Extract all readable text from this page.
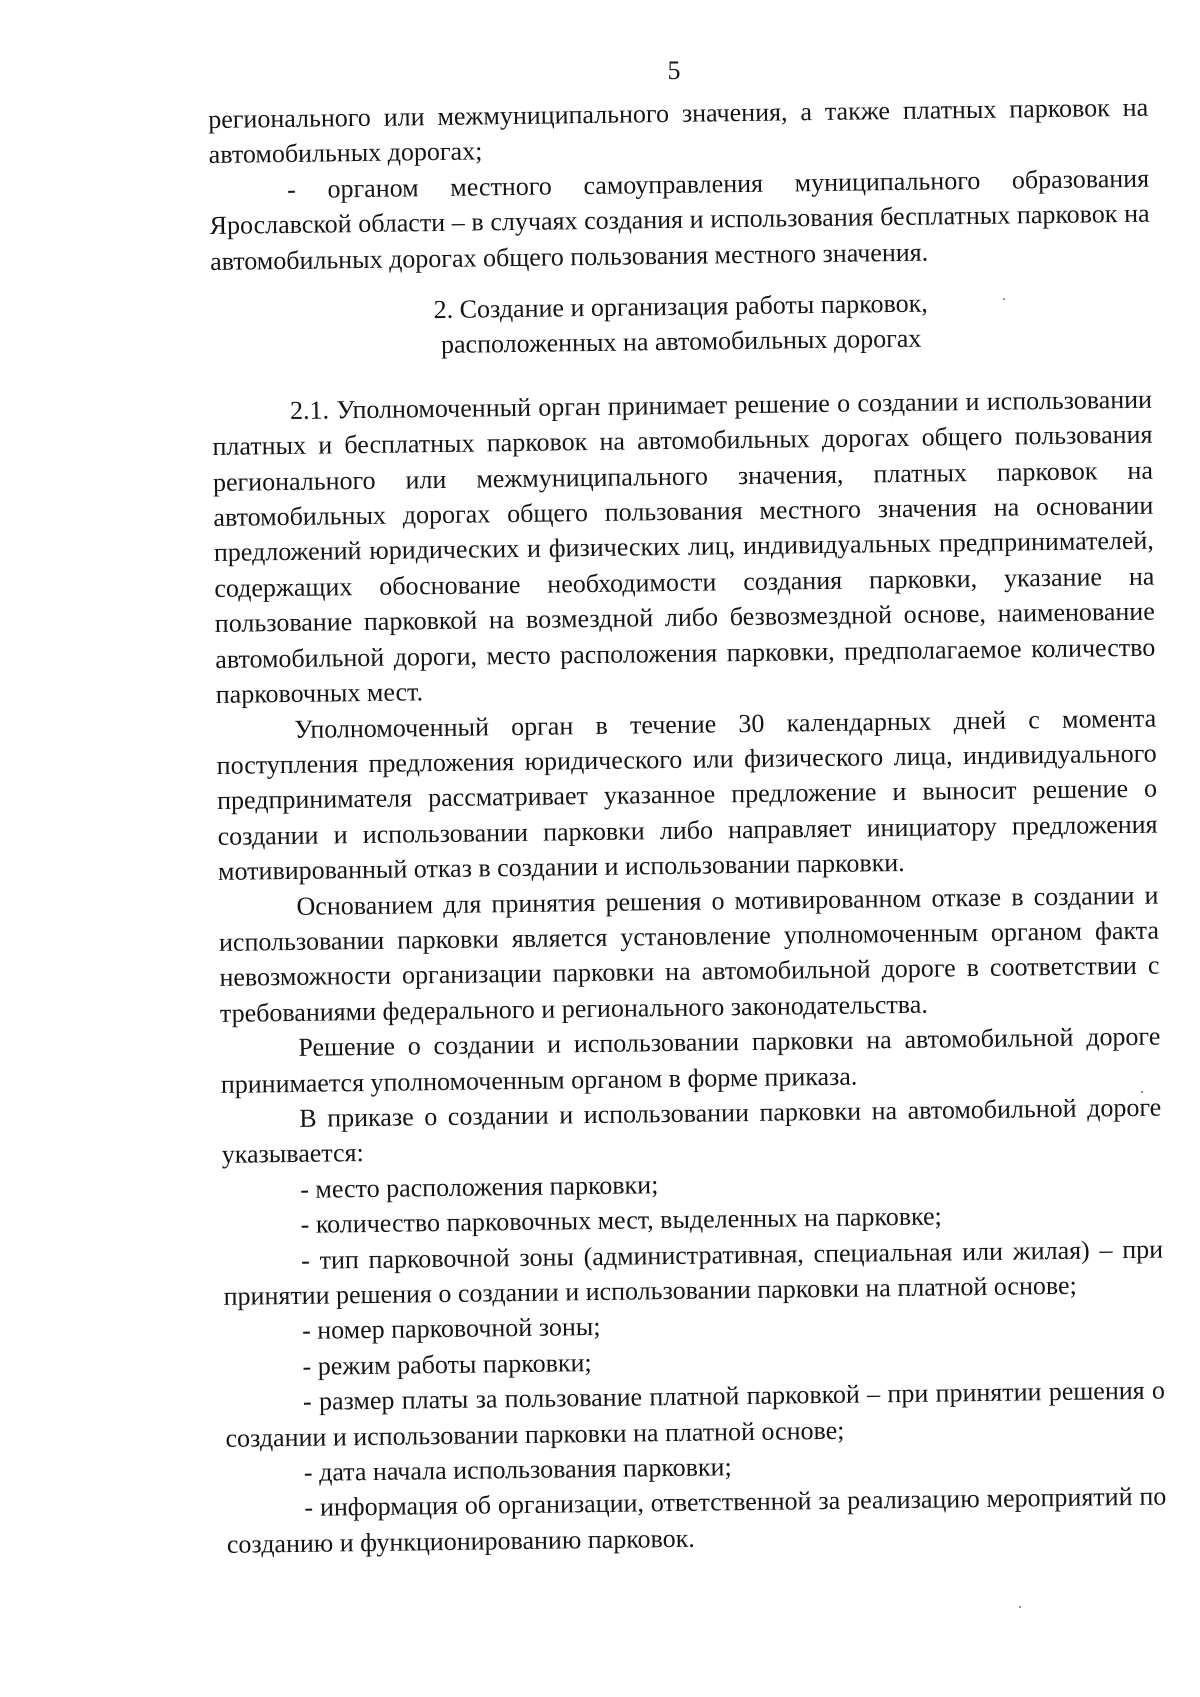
5

регионального или межмуниципального значения, а также платных парковок на автомобильных дорогах;

- органом местного самоуправления муниципального образования Ярославской области – в случаях создания и использования бесплатных парковок на автомобильных дорогах общего пользования местного значения.

2. Создание и организация работы парковок,
расположенных на автомобильных дорогах

2.1. Уполномоченный орган принимает решение о создании и использовании платных и бесплатных парковок на автомобильных дорогах общего пользования регионального или межмуниципального значения, платных парковок на автомобильных дорогах общего пользования местного значения на основании предложений юридических и физических лиц, индивидуальных предпринимателей, содержащих обоснование необходимости создания парковки, указание на пользование парковкой на возмездной либо безвозмездной основе, наименование автомобильной дороги, место расположения парковки, предполагаемое количество парковочных мест.

Уполномоченный орган в течение 30 календарных дней с момента поступления предложения юридического или физического лица, индивидуального предпринимателя рассматривает указанное предложение и выносит решение о создании и использовании парковки либо направляет инициатору предложения мотивированный отказ в создании и использовании парковки.

Основанием для принятия решения о мотивированном отказе в создании и использовании парковки является установление уполномоченным органом факта невозможности организации парковки на автомобильной дороге в соответствии с требованиями федерального и регионального законодательства.

Решение о создании и использовании парковки на автомобильной дороге принимается уполномоченным органом в форме приказа.

В приказе о создании и использовании парковки на автомобильной дороге указывается:

- место расположения парковки;

- количество парковочных мест, выделенных на парковке;

- тип парковочной зоны (административная, специальная или жилая) – при принятии решения о создании и использовании парковки на платной основе;

- номер парковочной зоны;

- режим работы парковки;

- размер платы за пользование платной парковкой – при принятии решения о создании и использовании парковки на платной основе;

- дата начала использования парковки;

- информация об организации, ответственной за реализацию мероприятий по созданию и функционированию парковок.
